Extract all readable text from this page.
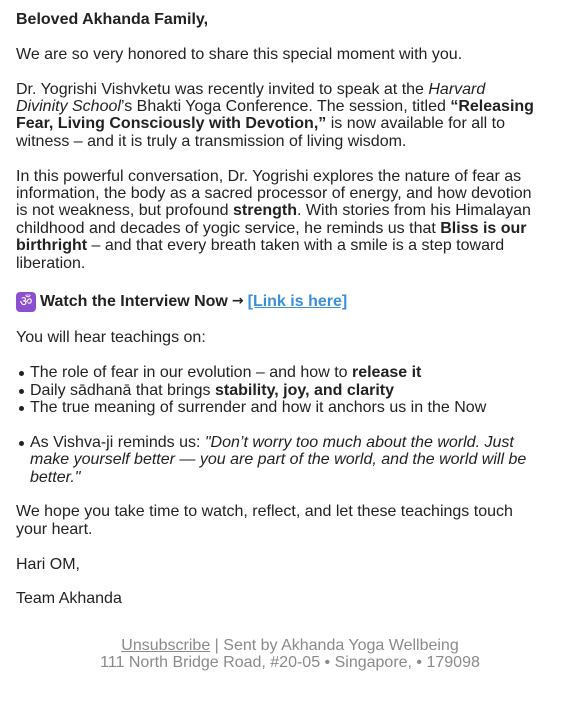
Beloved Akhanda Family,

We are so very honored to share this special moment with you.

Dr. Yogrishi Vishvketu was recently invited to speak at the Harvard Divinity School’s Bhakti Yoga Conference. The session, titled “Releasing Fear, Living Consciously with Devotion,” is now available for all to witness – and it is truly a transmission of living wisdom.

In this powerful conversation, Dr. Yogrishi explores the nature of fear as information, the body as a sacred processor of energy, and how devotion is not weakness, but profound strength. With stories from his Himalayan childhood and decades of yogic service, he reminds us that Bliss is our birthright – and that every breath taken with a smile is a step toward liberation.

ॐ Watch the Interview Now → [Link is here]

You will hear teachings on:

The role of fear in our evolution – and how to release it
Daily sādhanā that brings stability, joy, and clarity
The true meaning of surrender and how it anchors us in the Now
As Vishva-ji reminds us: "Don’t worry too much about the world. Just make yourself better — you are part of the world, and the world will be better."

We hope you take time to watch, reflect, and let these teachings touch your heart.

Hari OM,

Team Akhanda

Unsubscribe | Sent by Akhanda Yoga Wellbeing
111 North Bridge Road, #20-05 • Singapore, • 179098
